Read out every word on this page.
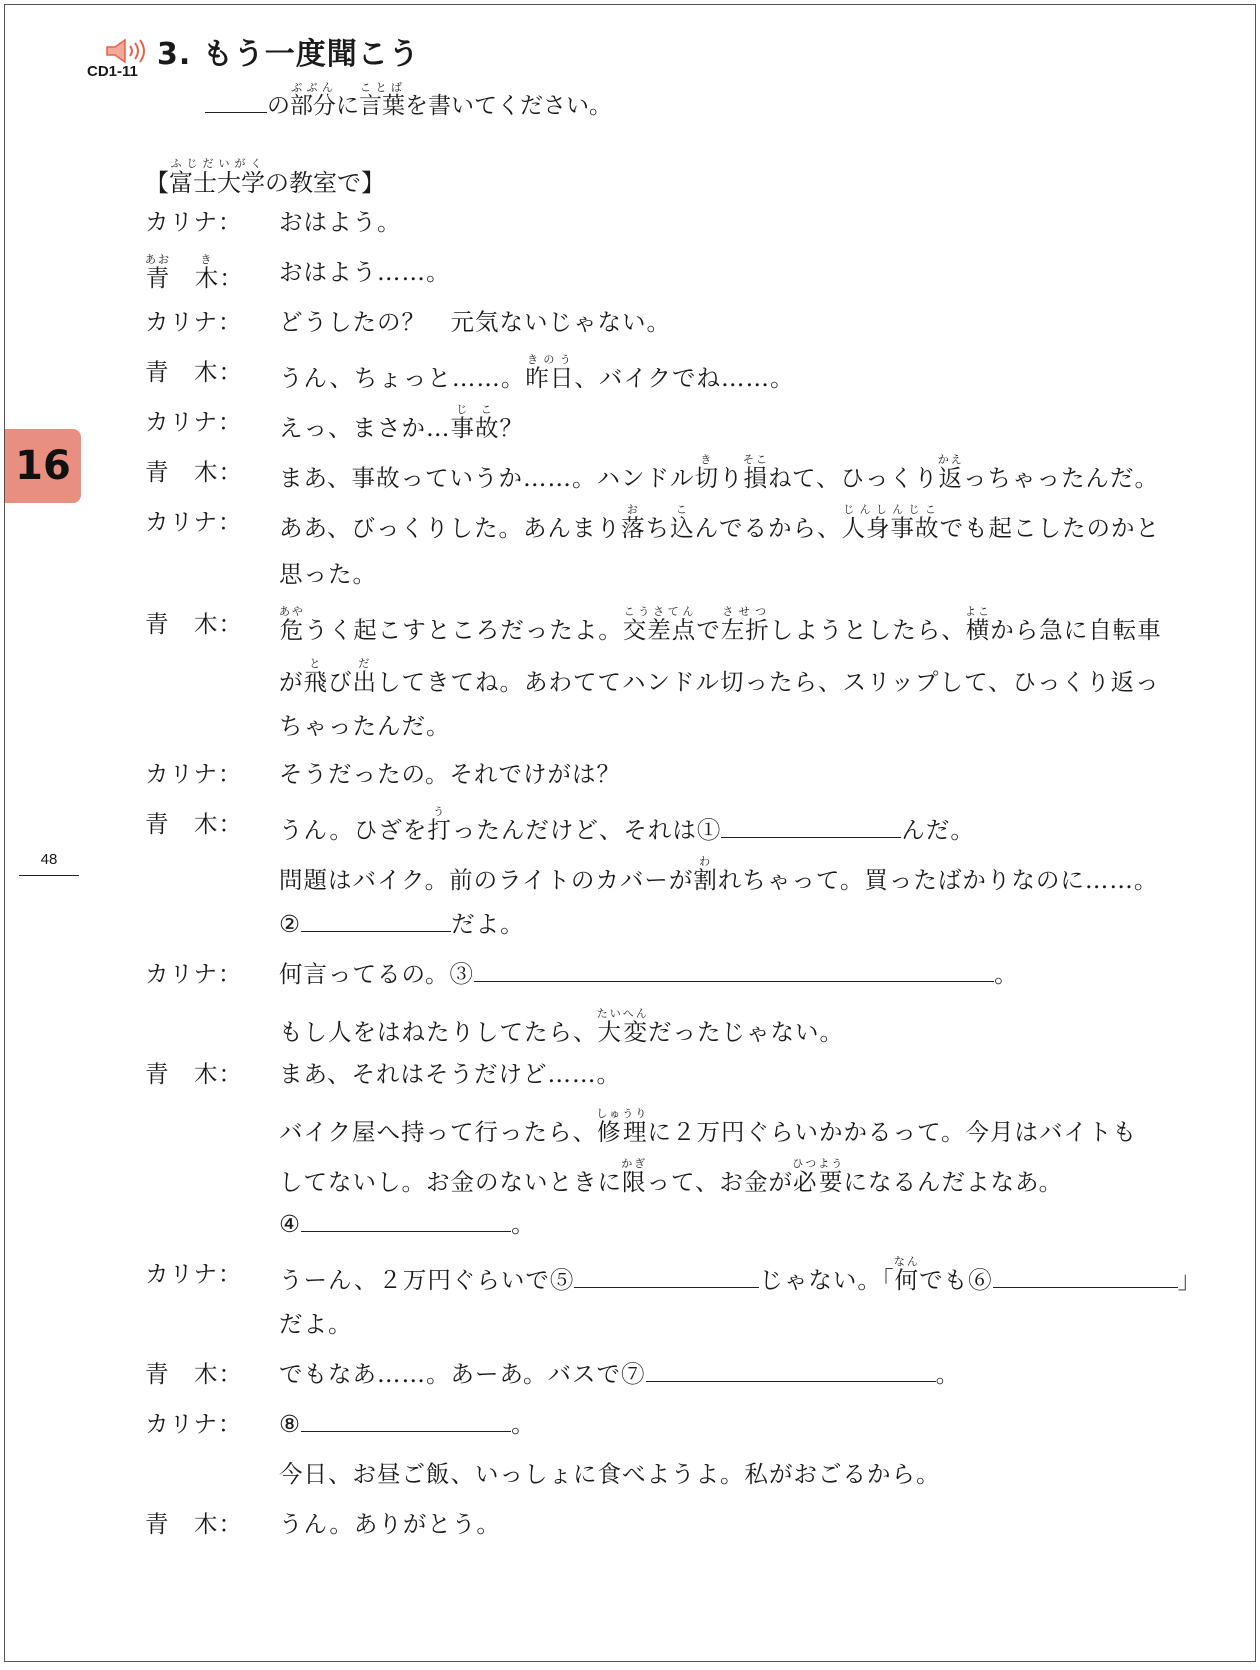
3. もう一度聞こう
CD1-11
の部分ぶぶんに言葉ことばを書いてください。
16
48
【富士大学ふじだいがくの教室で】
カリナ：	おはよう。
青あお　木き：	おはよう……。
カリナ：	どうしたの？　元気ないじゃない。
青　木：	うん、ちょっと……。昨日きのう、バイクでね……。
カリナ：	えっ、まさか…事故じこ？
青　木：	まあ、事故っていうか……。ハンドル切きり損そこねて、ひっくり返かえっちゃったんだ。
カリナ：	ああ、びっくりした。あんまり落おち込こんでるから、人身事故じんしんじこでも起こしたのかと
思った。
青　木：	危あやうく起こすところだったよ。交差点こうさてんで左折させつしようとしたら、横よこから急に自転車
が飛とび出だしてきてね。あわててハンドル切ったら、スリップして、ひっくり返っ
ちゃったんだ。
カリナ：	そうだったの。それでけがは？
青　木：	うん。ひざを打うったんだけど、それは①	んだ。
問題はバイク。前のライトのカバーが割われちゃって。買ったばかりなのに……。
②	だよ。
カリナ：	何言ってるの。③	。
もし人をはねたりしてたら、大変たいへんだったじゃない。
青　木：	まあ、それはそうだけど……。
バイク屋へ持って行ったら、修理しゅうりに２万円ぐらいかかるって。今月はバイトも
してないし。お金のないときに限かぎって、お金が必要ひつようになるんだよなあ。
④	。
カリナ：	うーん、２万円ぐらいで⑤	じゃない。「何なんでも⑥	」
だよ。
青　木：	でもなあ……。あーあ。バスで⑦	。
カリナ：	⑧	。
今日、お昼ご飯、いっしょに食べようよ。私がおごるから。
青　木：	うん。ありがとう。
